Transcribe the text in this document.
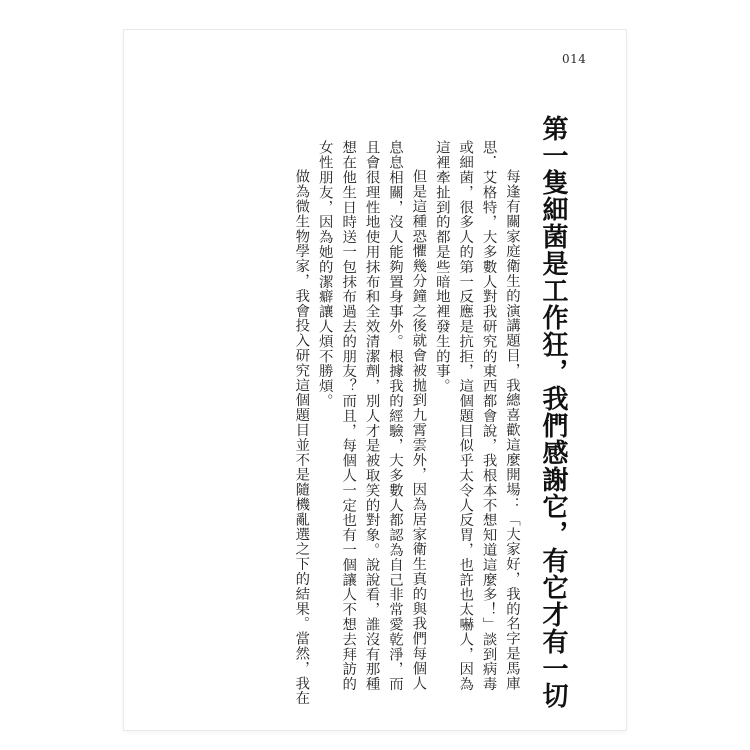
014
第一隻細菌是工作狂，我們感謝它，有它才有一切

每逢有關家庭衛生的演講題目，我總喜歡這麼開場：「大家好，我的名字是馬庫

思．艾格特，大多數人對我研究的東西都會說，我根本不想知道這麼多！」談到病毒

或細菌，很多人的第一反應是抗拒，這個題目似乎太令人反胃，也許也太嚇人，因為

這裡牽扯到的都是些暗地裡發生的事。

但是這種恐懼幾分鐘之後就會被拋到九霄雲外，因為居家衛生真的與我們每個人

息息相關，沒人能夠置身事外。根據我的經驗，大多數人都認為自己非常愛乾淨，而

且會很理性地使用抹布和全效清潔劑，別人才是被取笑的對象。說說看，誰沒有那種

想在他生日時送一包抹布過去的朋友？而且，每個人一定也有一個讓人不想去拜訪的

女性朋友，因為她的潔癖讓人煩不勝煩。

做為微生物學家，我會投入研究這個題目並不是隨機亂選之下的結果。當然，我在
